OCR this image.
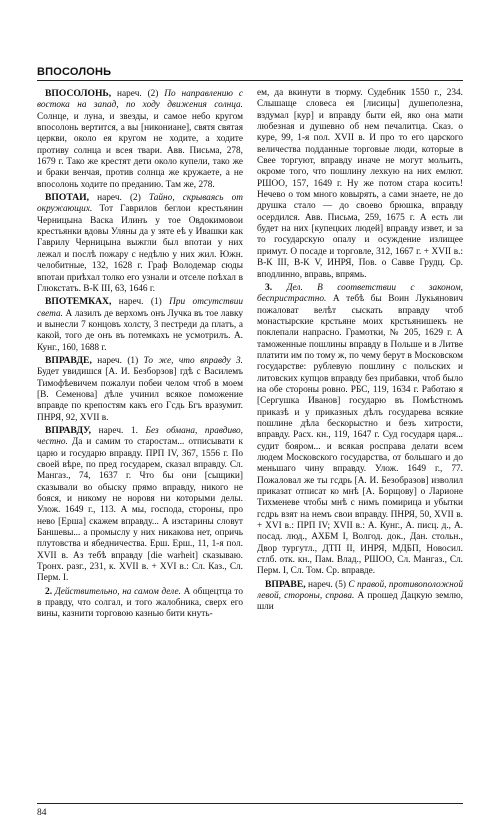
ВПОСОЛОНЬ

ВПОСОЛОНЬ, нареч. (2) По направлению с востока на запад, по ходу движения солнца. Солнце, и луна, и звезды, и самое небо кругом впосолонь вертится, а вы [никониане], святя святая церкви, около ея кругом не ходите, а ходите противу солнца и всея твари. Авв. Письма, 278, 1679 г. Тако же крестят дети около купели, тако же и браки венчая, против солнца же кружаете, а не впосолонь ходите по преданию. Там же, 278.

ВПОТАИ, нареч. (2) Тайно, скрываясь от окружающих. Тот Гаврилов беглои крестьянин Черницына Васка Илинъ у тое Овдокимовои крестьянки вдовы Уляны да у зяте еѣ у Ивашки как Гаврилу Черницына выжгли был впотаи у них лежал и послѣ пожару с недѣлю у них жил. Южн. челобитные, 132, 1628 г. Граф Володемар сюды впотаи приѣхал толко его узнали и отселе поѣхал в Глюкстатъ. В-К III, 63, 1646 г.

ВПОТЕМКАХ, нареч. (1) При отсутствии света. А лазилъ де верхомъ онъ Лучка въ тое лавку и вынесли 7 концовъ холсту, 3 пестреди да платъ, а какой, того де онъ въ потемкахъ не усмотрилъ. А. Кунг., 160, 1688 г.

ВПРАВДЕ, нареч. (1) То же, что вправду 3. Будет увидишся [А. И. Безборзов] гдѣ с Василемъ Тимофѣевичем пожалуи побеи челом чтоб в моем [В. Семенова] дѣле учинил всякое поможение вправде по крепостям какъ его Гсдь Бгъ вразумит. ПНРЯ, 92, XVII в.

ВПРАВДУ, нареч. 1. Без обмана, правдиво, честно. Да и самим то старостам... отписывати к царю и государю вправду. ПРП IV, 367, 1556 г. По своей вѣре, по пред государем, сказал вправду. Сл. Мангаз., 74, 1637 г. Что бы они [сыщики] сказывали во обыску прямо вправду, никого не бояся, и никому не норовя ни которыми делы. Улож. 1649 г., 113. А мы, господа, стороны, про нево [Ерша] скажем вправду... А изстарины словут Баншевы... а промыслу у них никакова нет, опричь плутовства и ябедничества. Ерш. Ерш., 11, 1-я пол. XVII в. Аз тебѣ вправду [die warheit] сказываю. Тронх. разг., 231, к. XVII в. + XVI в.: Сл. Каз., Сл. Перм. I.

2. Действительно, на самом деле. А общецтца то в правду, что солгал, и того жалобника, сверх его вины, казнити торговою казнью бити кнуть-

ем, да вкинути в тюрму. Судебник 1550 г., 234. Слышаще словеса ея [лисицы] душеполезна, вздумал [кур] и вправду быти ей, яко она мати любезная и душевно об нем печалитца. Сказ. о куре, 99, 1-я пол. XVII в. И про то его царского величества подданные торговые люди, которые в Свее торгуют, вправду иначе не могут мольить, окроме того, что пошлину лехкую на них емлют. РШОО, 157, 1649 г. Ну же потом стара косить! Нечево о том много ковырять, а сами знаете, не до друшка стало — до своево брюшка, вправду осердился. Авв. Письма, 259, 1675 г. А есть ли будет на них [купецких людей] вправду извет, и за то государскую опалу и осуждение излищее примут. О посаде и торговле, 312, 1667 г. + XVII в.: В-К III, В-К V, ИНРЯ, Пов. о Савве Грудц. Ср. вподлинно, вправь, впрямь.

3. Дел. В соответствии с законом, беспристрастно. А тебѣ бы Воин Лукьянович пожаловат велѣт сыскать вправду чтоб монастырские крстьяне моих крстьянишекъ не поклепали напрасно. Грамотки, № 205, 1629 г. А таможенные пошлины вправду в Польше и в Литве платити им по тому ж, по чему берут в Московском государстве: рублевую пошлину с польских и литовских купцов вправду без прибавки, чтоб было на обе стороны ровно. РБС, 119, 1634 г. Работаю я [Сергушка Иванов] государю въ Помѣстномъ приказѣ и у приказных дѣлъ государева всякие пошлине дѣла бескорыстно и безъ хитрости, вправду. Расх. кн., 119, 1647 г. Суд государя царя... судит бояром... и всякая росправа делати всем людем Московского государства, от большаго и до меньшаго чину вправду. Улож. 1649 г., 77. Пожаловал же ты гсдрь [А. И. Безобразов] изволил приказат отписат ко мнѣ [А. Борщову] о Ларионе Тихменеве чтобы мнѣ с нимъ помирица и убытки гсдрь взят на немъ свои вправду. ПНРЯ, 50, XVII в. + XVI в.: ПРП IV; XVII в.: А. Кунг., А. писц. д., А. посад. люд., АХБМ I, Волгод. док., Дан. стольн., Двор тургутл., ДТП II, ИНРЯ, МДБП, Новосил. стлб. отк. кн., Пам. Влад., РШОО, Сл. Мангаз., Сл. Перм. I, Сл. Том. Ср. вправде.

ВПРАВЕ, нареч. (5) С правой, противоположной левой, стороны, справа. А прошед Дацкую землю, шли

84
